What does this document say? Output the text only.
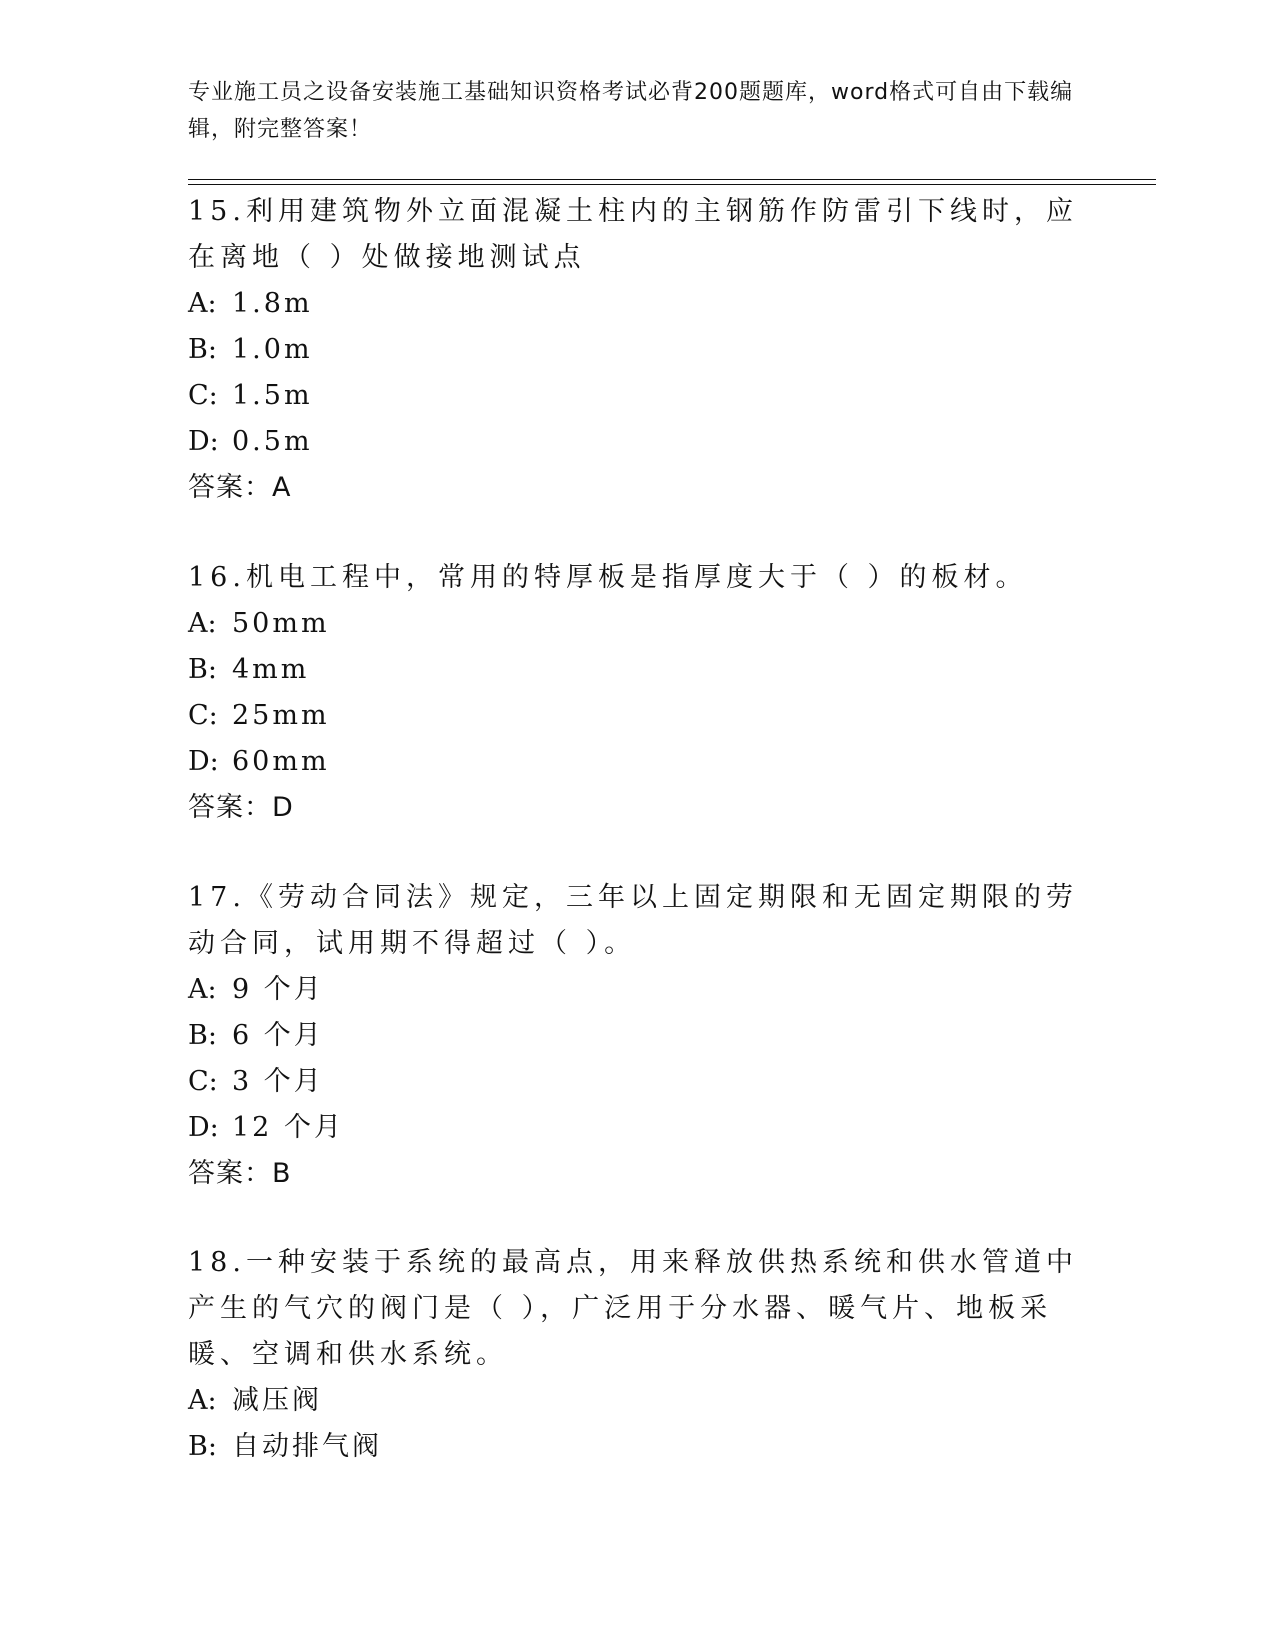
专业施工员之设备安装施工基础知识资格考试必背200题题库，word格式可自由下载编辑，附完整答案！

15.利用建筑物外立面混凝土柱内的主钢筋作防雷引下线时，应在离地（ ）处做接地测试点

A: 1.8m

B: 1.0m

C: 1.5m

D: 0.5m

答案：A

16.机电工程中，常用的特厚板是指厚度大于（ ）的板材。

A: 50mm

B: 4mm

C: 25mm

D: 60mm

答案：D

17.《劳动合同法》规定，三年以上固定期限和无固定期限的劳动合同，试用期不得超过（ ）。

A: 9 个月

B: 6 个月

C: 3 个月

D: 12 个月

答案：B

18.一种安装于系统的最高点，用来释放供热系统和供水管道中产生的气穴的阀门是（ ），广泛用于分水器、暖气片、地板采暖、空调和供水系统。

A: 减压阀

B: 自动排气阀
